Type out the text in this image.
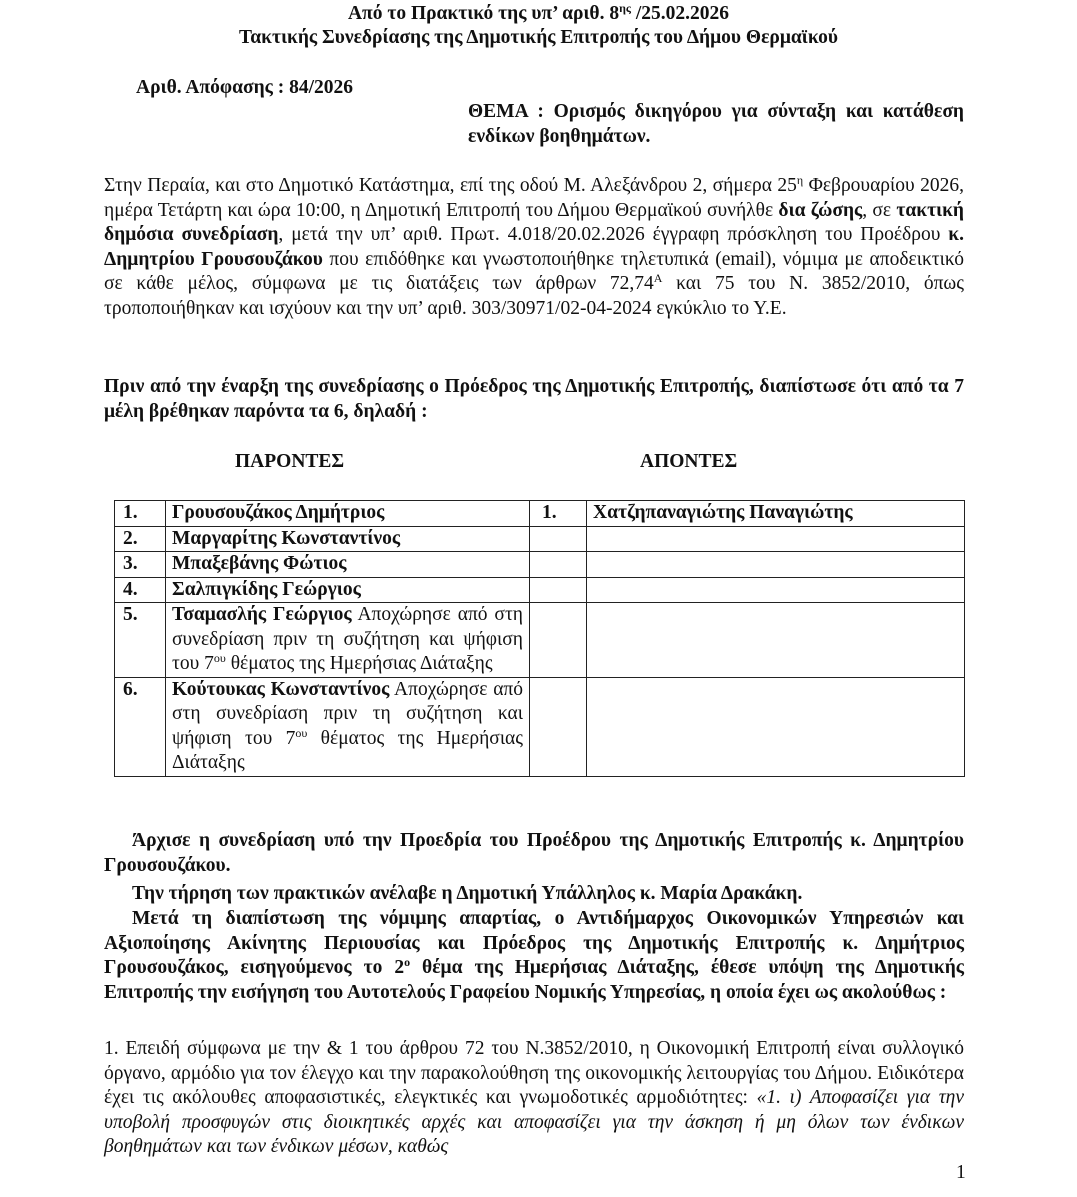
Από το Πρακτικό της υπ’ αριθ. $8^{\eta\varsigma}$ /25.02.2026
Τακτικής Συνεδρίασης της Δημοτικής Επιτροπής του Δήμου Θερμαϊκού
Αριθ. Απόφασης : 84/2026
ΘΕΜΑ : Ορισμός δικηγόρου για σύνταξη και κατάθεση ενδίκων βοηθημάτων.
Στην Περαία, και στο Δημοτικό Κατάστημα, επί της οδού Μ. Αλεξάνδρου 2, σήμερα $25^\eta$ Φεβρουαρίου 2026, ημέρα Τετάρτη και ώρα 10:00, η Δημοτική Επιτροπή του Δήμου Θερμαϊκού συνήλθε δια ζώσης, σε τακτική δημόσια συνεδρίαση, μετά την υπ’ αριθ. Πρωτ. 4.018/20.02.2026 έγγραφη πρόσκληση του Προέδρου κ. Δημητρίου Γρουσουζάκου που επιδόθηκε και γνωστοποιήθηκε τηλετυπικά (email), νόμιμα με αποδεικτικό σε κάθε μέλος, σύμφωνα με τις διατάξεις των άρθρων $72,74^A$ και 75 του Ν. 3852/2010, όπως τροποποιήθηκαν και ισχύουν και την υπ’ αριθ. 303/30971/02-04-2024 εγκύκλιο το Υ.Ε.
Πριν από την έναρξη της συνεδρίασης ο Πρόεδρος της Δημοτικής Επιτροπής, διαπίστωσε ότι από τα 7 μέλη βρέθηκαν παρόντα τα 6, δηλαδή :
ΠΑΡΟΝΤΕΣ	ΑΠΟΝΤΕΣ
1.	Γρουσουζάκος Δημήτριος	1.	Χατζηπαναγιώτης Παναγιώτης
2.	Μαργαρίτης Κωνσταντίνος		
3.	Μπαξεβάνης Φώτιος		
4.	Σαλπιγκίδης Γεώργιος		
5.	Τσαμασλής Γεώργιος Αποχώρησε από στη συνεδρίαση πριν τη συζήτηση και ψήφιση του $7^{o\upsilon}$ θέματος της Ημερήσιας Διάταξης		
6.	Κούτουκας Κωνσταντίνος Αποχώρησε από στη συνεδρίαση πριν τη συζήτηση και ψήφιση του $7^{o\upsilon}$ θέματος της Ημερήσιας Διάταξης		
Άρχισε η συνεδρίαση υπό την Προεδρία του Προέδρου της Δημοτικής Επιτροπής κ. Δημητρίου Γρουσουζάκου.
Την τήρηση των πρακτικών ανέλαβε η Δημοτική Υπάλληλος κ. Μαρία Δρακάκη.
Μετά τη διαπίστωση της νόμιμης απαρτίας, ο Αντιδήμαρχος Οικονομικών Υπηρεσιών και Αξιοποίησης Ακίνητης Περιουσίας και Πρόεδρος της Δημοτικής Επιτροπής κ. Δημήτριος Γρουσουζάκος, εισηγούμενος το $2^o$ θέμα της Ημερήσιας Διάταξης, έθεσε υπόψη της Δημοτικής Επιτροπής την εισήγηση του Αυτοτελούς Γραφείου Νομικής Υπηρεσίας, η οποία έχει ως ακολούθως :
1. Επειδή σύμφωνα με την & 1 του άρθρου 72 του Ν.3852/2010, η Οικονομική Επιτροπή είναι συλλογικό όργανο, αρμόδιο για τον έλεγχο και την παρακολούθηση της οικονομικής λειτουργίας του Δήμου. Ειδικότερα έχει τις ακόλουθες αποφασιστικές, ελεγκτικές και γνωμοδοτικές αρμοδιότητες: «1. ι) Αποφασίζει για την υποβολή προσφυγών στις διοικητικές αρχές και αποφασίζει για την άσκηση ή μη όλων των ένδικων βοηθημάτων και των ένδικων μέσων, καθώς
1
